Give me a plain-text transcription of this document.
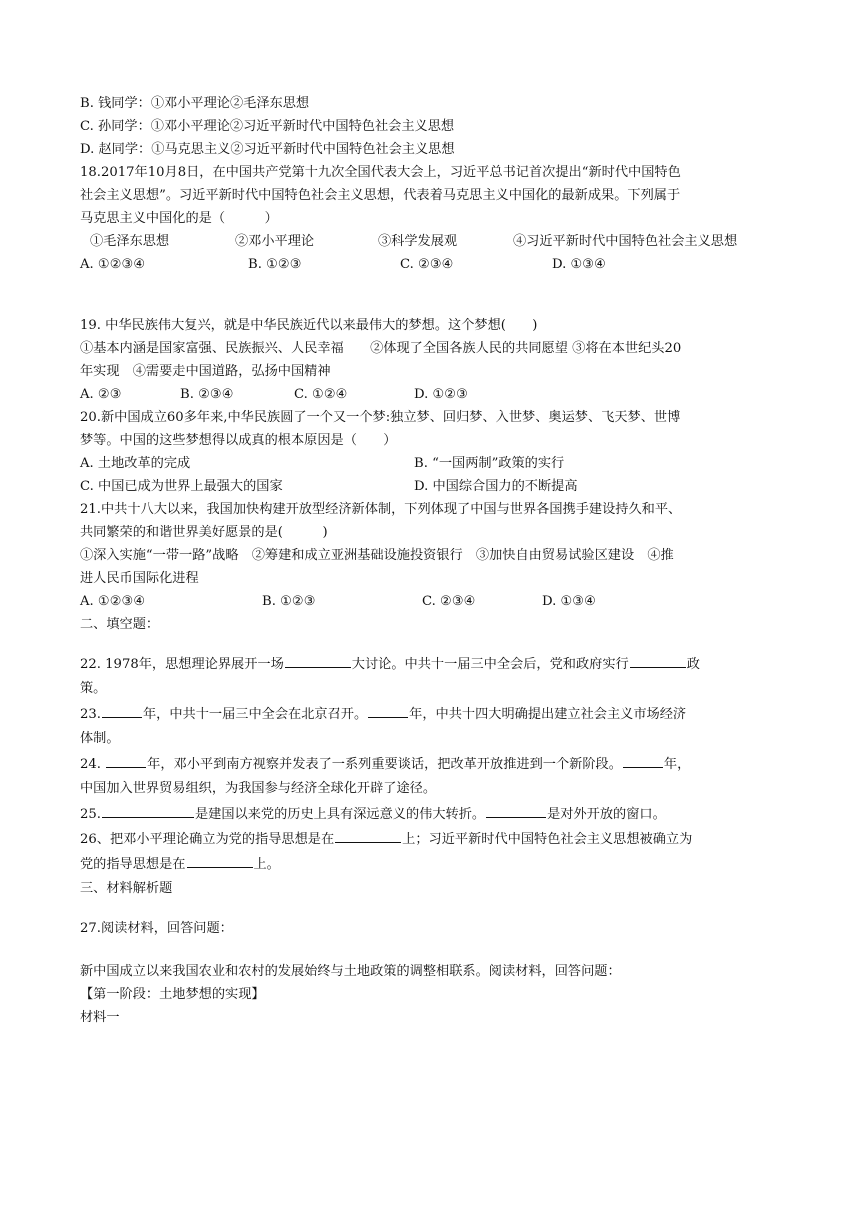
B. 钱同学：①邓小平理论②毛泽东思想
C. 孙同学：①邓小平理论②习近平新时代中国特色社会主义思想
D. 赵同学：①马克思主义②习近平新时代中国特色社会主义思想
18.2017年10月8日，在中国共产党第十九次全国代表大会上，习近平总书记首次提出“新时代中国特色
社会主义思想”。习近平新时代中国特色社会主义思想，代表着马克思主义中国化的最新成果。下列属于
马克思主义中国化的是（　　　）
①毛泽东思想	②邓小平理论	③科学发展观	④习近平新时代中国特色社会主义思想
A. ①②③④	B. ①②③	C. ②③④	D. ①③④
19. 中华民族伟大复兴，就是中华民族近代以来最伟大的梦想。这个梦想(　　)
①基本内涵是国家富强、民族振兴、人民幸福　　②体现了全国各族人民的共同愿望 ③将在本世纪头20
年实现　④需要走中国道路，弘扬中国精神
A. ②③	B. ②③④	C. ①②④	D. ①②③
20.新中国成立60多年来,中华民族圆了一个又一个梦:独立梦、回归梦、入世梦、奥运梦、飞天梦、世博
梦等。中国的这些梦想得以成真的根本原因是（　　）
A. 土地改革的完成	B. “一国两制”政策的实行
C. 中国已成为世界上最强大的国家	D. 中国综合国力的不断提高
21.中共十八大以来，我国加快构建开放型经济新体制，下列体现了中国与世界各国携手建设持久和平、
共同繁荣的和谐世界美好愿景的是(　　　)
①深入实施“一带一路”战略　②筹建和成立亚洲基础设施投资银行　③加快自由贸易试验区建设　④推
进人民币国际化进程
A. ①②③④	B. ①②③	C. ②③④	D. ①③④
二、填空题：
22. 1978年，思想理论界展开一场	大讨论。中共十一届三中全会后，党和政府实行	政
策。
23.	年，中共十一届三中全会在北京召开。	年，中共十四大明确提出建立社会主义市场经济
体制。
24.	年，邓小平到南方视察并发表了一系列重要谈话，把改革开放推进到一个新阶段。	年，
中国加入世界贸易组织，为我国参与经济全球化开辟了途径。
25.	是建国以来党的历史上具有深远意义的伟大转折。	是对外开放的窗口。
26、把邓小平理论确立为党的指导思想是在	上；习近平新时代中国特色社会主义思想被确立为
党的指导思想是在	上。
三、材料解析题
27.阅读材料，回答问题：
新中国成立以来我国农业和农村的发展始终与土地政策的调整相联系。阅读材料，回答问题：
【第一阶段：土地梦想的实现】
材料一
